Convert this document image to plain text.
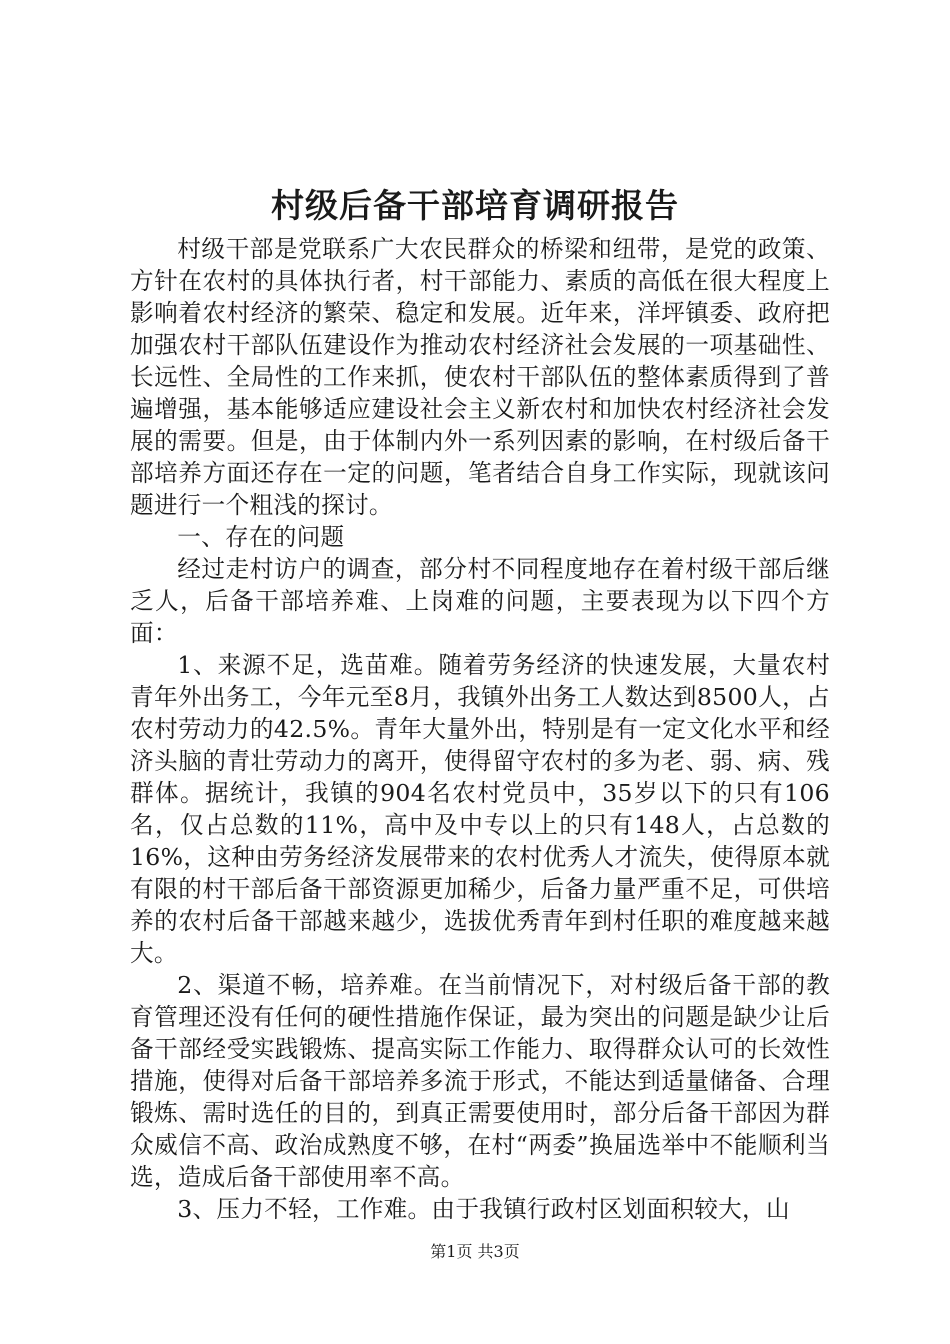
村级后备干部培育调研报告

村级干部是党联系广大农民群众的桥梁和纽带，是党的政策、方针在农村的具体执行者，村干部能力、素质的高低在很大程度上影响着农村经济的繁荣、稳定和发展。近年来，洋坪镇委、政府把加强农村干部队伍建设作为推动农村经济社会发展的一项基础性、长远性、全局性的工作来抓，使农村干部队伍的整体素质得到了普遍增强，基本能够适应建设社会主义新农村和加快农村经济社会发展的需要。但是，由于体制内外一系列因素的影响，在村级后备干部培养方面还存在一定的问题，笔者结合自身工作实际，现就该问题进行一个粗浅的探讨。

一、存在的问题

经过走村访户的调查，部分村不同程度地存在着村级干部后继乏人，后备干部培养难、上岗难的问题，主要表现为以下四个方面：

1、来源不足，选苗难。随着劳务经济的快速发展，大量农村青年外出务工，今年元至8月，我镇外出务工人数达到8500人，占农村劳动力的42.5%。青年大量外出，特别是有一定文化水平和经济头脑的青壮劳动力的离开，使得留守农村的多为老、弱、病、残群体。据统计，我镇的904名农村党员中，35岁以下的只有106名，仅占总数的11%，高中及中专以上的只有148人，占总数的16%，这种由劳务经济发展带来的农村优秀人才流失，使得原本就有限的村干部后备干部资源更加稀少，后备力量严重不足，可供培养的农村后备干部越来越少，选拔优秀青年到村任职的难度越来越大。

2、渠道不畅，培养难。在当前情况下，对村级后备干部的教育管理还没有任何的硬性措施作保证，最为突出的问题是缺少让后备干部经受实践锻炼、提高实际工作能力、取得群众认可的长效性措施，使得对后备干部培养多流于形式，不能达到适量储备、合理锻炼、需时选任的目的，到真正需要使用时，部分后备干部因为群众威信不高、政治成熟度不够，在村“两委”换届选举中不能顺利当选，造成后备干部使用率不高。

3、压力不轻，工作难。由于我镇行政村区划面积较大，山

第1页 共3页
